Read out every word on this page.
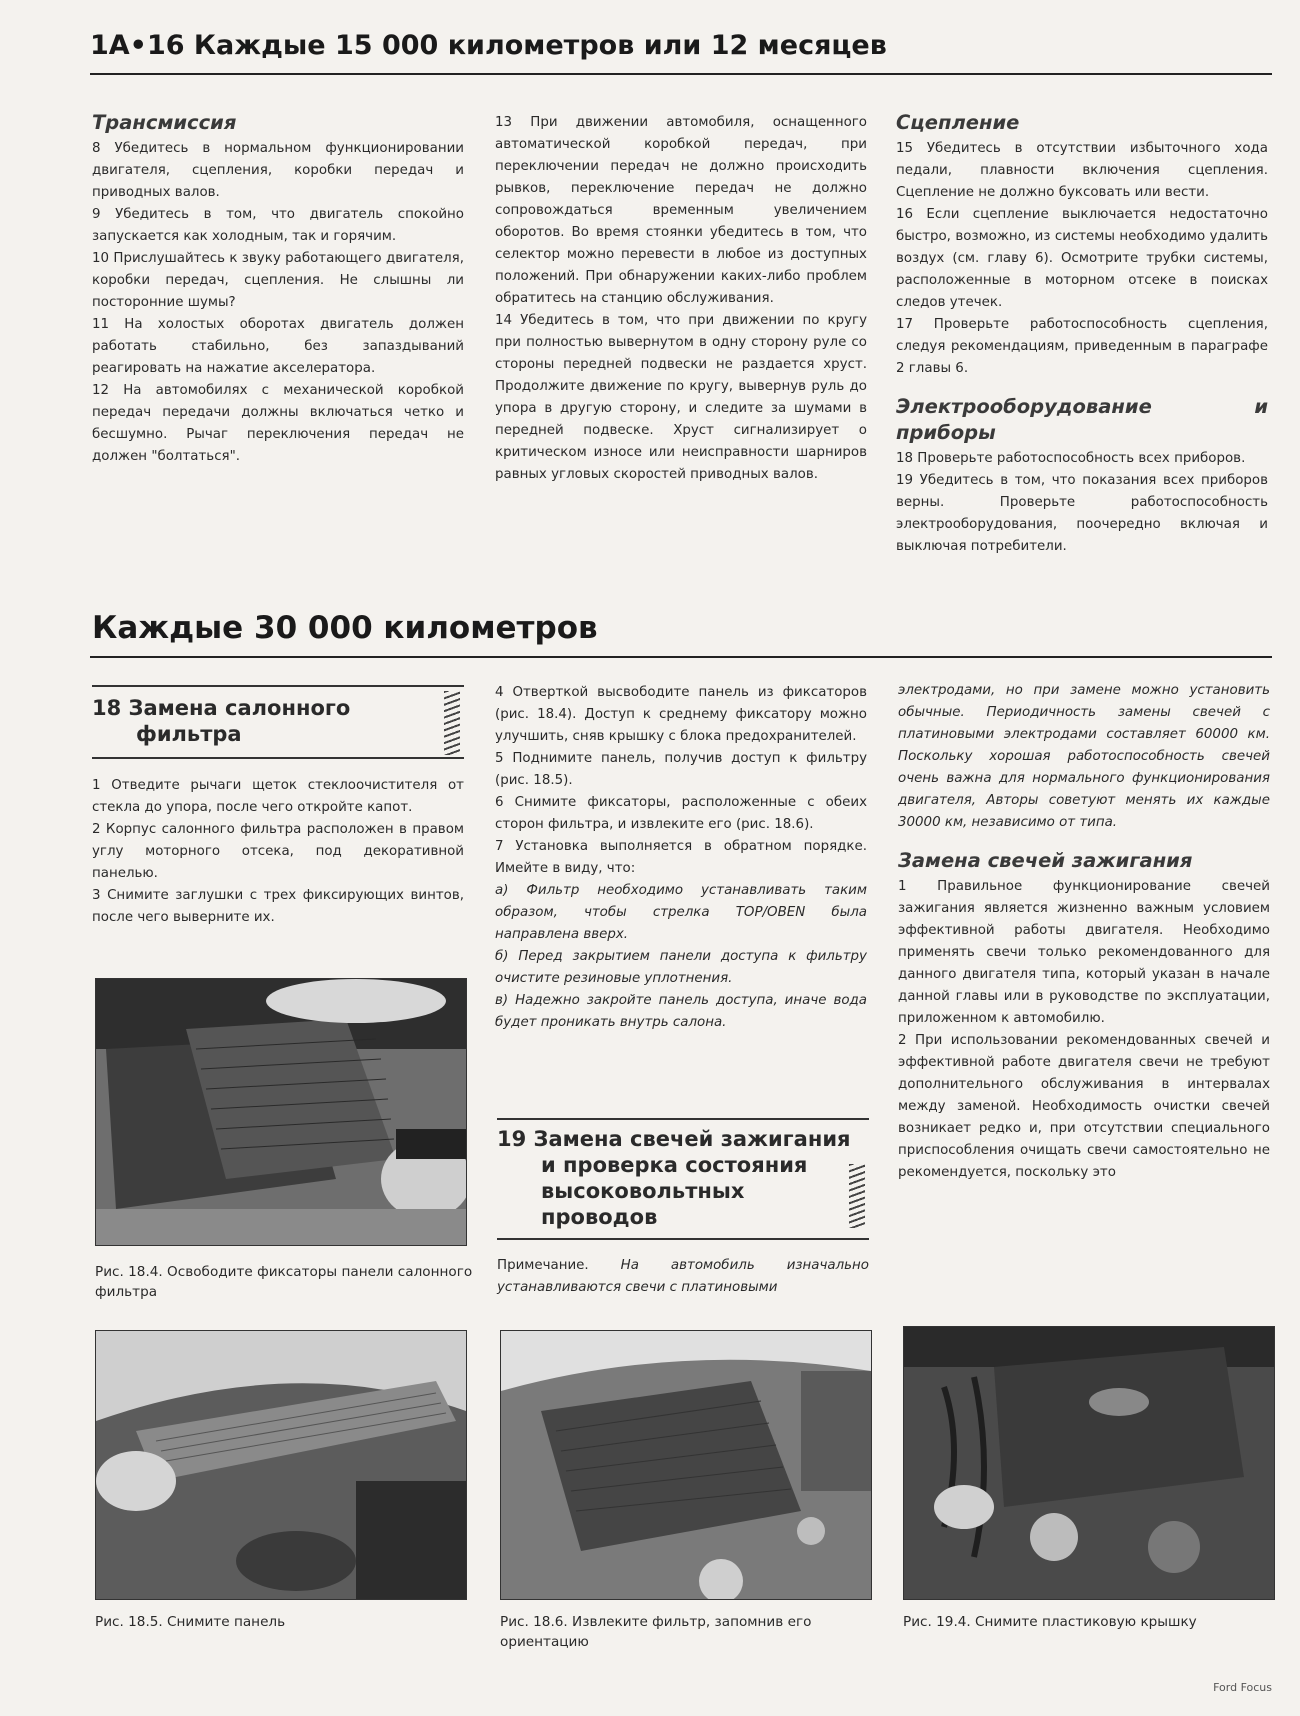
1A•16 Каждые 15 000 километров или 12 месяцев
Трансмиссия

8 Убедитесь в нормальном функционировании двигателя, сцепления, коробки передач и приводных валов.

9 Убедитесь в том, что двигатель спокойно запускается как холодным, так и горячим.

10 Прислушайтесь к звуку работающего двигателя, коробки передач, сцепления. Не слышны ли посторонние шумы?

11 На холостых оборотах двигатель должен работать стабильно, без запаздываний реагировать на нажатие акселератора.

12 На автомобилях с механической коробкой передач передачи должны включаться четко и бесшумно. Рычаг переключения передач не должен "болтаться".

13 При движении автомобиля, оснащенного автоматической коробкой передач, при переключении передач не должно происходить рывков, переключение передач не должно сопровождаться временным увеличением оборотов. Во время стоянки убедитесь в том, что селектор можно перевести в любое из доступных положений. При обнаружении каких-либо проблем обратитесь на станцию обслуживания.

14 Убедитесь в том, что при движении по кругу при полностью вывернутом в одну сторону руле со стороны передней подвески не раздается хруст. Продолжите движение по кругу, вывернув руль до упора в другую сторону, и следите за шумами в передней подвеске. Хруст сигнализирует о критическом износе или неисправности шарниров равных угловых скоростей приводных валов.

Сцепление

15 Убедитесь в отсутствии избыточного хода педали, плавности включения сцепления. Сцепление не должно буксовать или вести.

16 Если сцепление выключается недостаточно быстро, возможно, из системы необходимо удалить воздух (см. главу 6). Осмотрите трубки системы, расположенные в моторном отсеке в поисках следов утечек.

17 Проверьте работоспособность сцепления, следуя рекомендациям, приведенным в параграфе 2 главы 6.

Электрооборудование и приборы

18 Проверьте работоспособность всех приборов.

19 Убедитесь в том, что показания всех приборов верны. Проверьте работоспособность электрооборудования, поочередно включая и выключая потребители.

Каждые 30 000 километров
18 Замена салонного
фильтра

1 Отведите рычаги щеток стеклоочистителя от стекла до упора, после чего откройте капот.

2 Корпус салонного фильтра расположен в правом углу моторного отсека, под декоративной панелью.

3 Снимите заглушки с трех фиксирующих винтов, после чего выверните их.

4 Отверткой высвободите панель из фиксаторов (рис. 18.4). Доступ к среднему фиксатору можно улучшить, сняв крышку с блока предохранителей.

5 Поднимите панель, получив доступ к фильтру (рис. 18.5).

6 Снимите фиксаторы, расположенные с обеих сторон фильтра, и извлеките его (рис. 18.6).

7 Установка выполняется в обратном порядке. Имейте в виду, что:

а) Фильтр необходимо устанавливать таким образом, чтобы стрелка TOP/OBEN была направлена вверх.

б) Перед закрытием панели доступа к фильтру очистите резиновые уплотнения.

в) Надежно закройте панель доступа, иначе вода будет проникать внутрь салона.

19 Замена свечей зажигания
и проверка состояния
высоковольтных
проводов

Примечание. На автомобиль изначально устанавливаются свечи с платиновыми

электродами, но при замене можно установить обычные. Периодичность замены свечей с платиновыми электродами составляет 60000 км. Поскольку хорошая работоспособность свечей очень важна для нормального функционирования двигателя, Авторы советуют менять их каждые 30000 км, независимо от типа.

Замена свечей зажигания

1 Правильное функционирование свечей зажигания является жизненно важным условием эффективной работы двигателя. Необходимо применять свечи только рекомендованного для данного двигателя типа, который указан в начале данной главы или в руководстве по эксплуатации, приложенном к автомобилю.

2 При использовании рекомендованных свечей и эффективной работе двигателя свечи не требуют дополнительного обслуживания в интервалах между заменой. Необходимость очистки свечей возникает редко и, при отсутствии специального приспособления очищать свечи самостоятельно не рекомендуется, поскольку это

Рис. 18.4. Освободите фиксаторы панели салонного фильтра
Рис. 18.5. Снимите панель	Рис. 18.6. Извлеките фильтр, запомнив его ориентацию
Рис. 19.4. Снимите пластиковую крышку
Ford Focus
